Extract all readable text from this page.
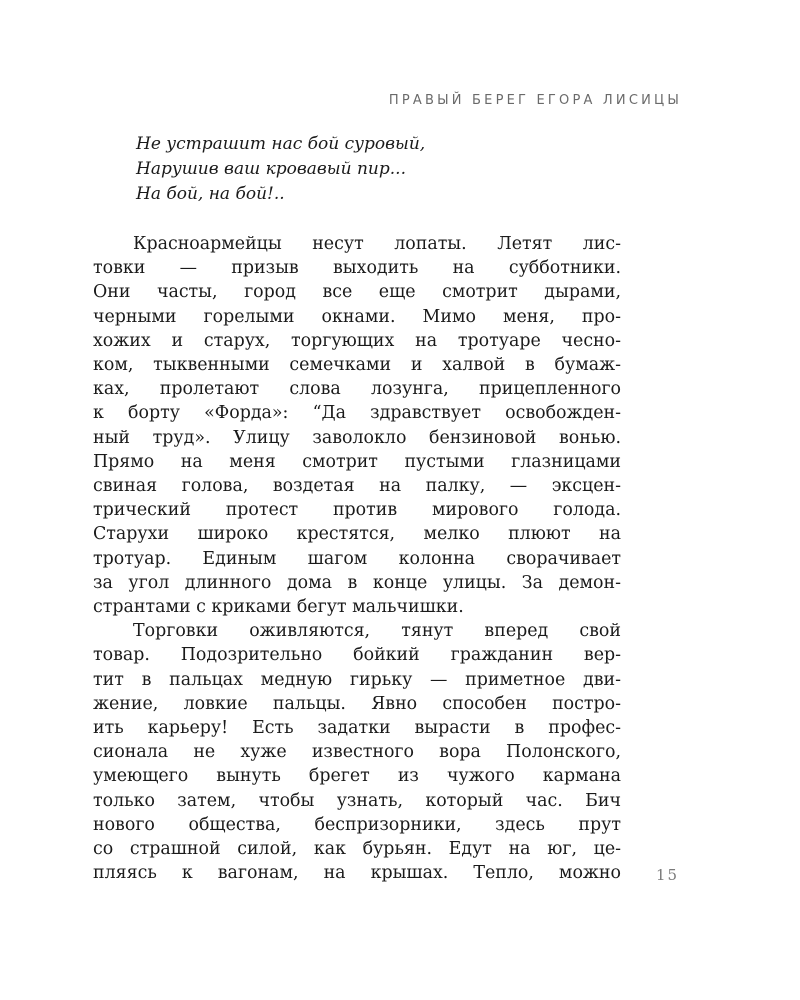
ПРАВЫЙ БЕРЕГ ЕГОРА ЛИСИЦЫ
Не устрашит нас бой суровый,
Нарушив ваш кровавый пир...
На бой, на бой!..
Красноармейцы несут лопаты. Летят лис-
товки — призыв выходить на субботники.
Они часты, город все еще смотрит дырами,
черными горелыми окнами. Мимо меня, про-
хожих и старух, торгующих на тротуаре чесно-
ком, тыквенными семечками и халвой в бумаж-
ках, пролетают слова лозунга, прицепленного
к борту «Форда»: “Да здравствует освобожден-
ный труд». Улицу заволокло бензиновой вонью.
Прямо на меня смотрит пустыми глазницами
свиная голова, воздетая на палку, — эксцен-
трический протест против мирового голода.
Старухи широко крестятся, мелко плюют на
тротуар. Единым шагом колонна сворачивает
за угол длинного дома в конце улицы. За демон-
странтами с криками бегут мальчишки.
Торговки оживляются, тянут вперед свой
товар. Подозрительно бойкий гражданин вер-
тит в пальцах медную гирьку — приметное дви-
жение, ловкие пальцы. Явно способен постро-
ить карьеру! Есть задатки вырасти в профес-
сионала не хуже известного вора Полонского,
умеющего вынуть брегет из чужого кармана
только затем, чтобы узнать, который час. Бич
нового общества, беспризорники, здесь прут
со страшной силой, как бурьян. Едут на юг, це-
пляясь к вагонам, на крышах. Тепло, можно 15
